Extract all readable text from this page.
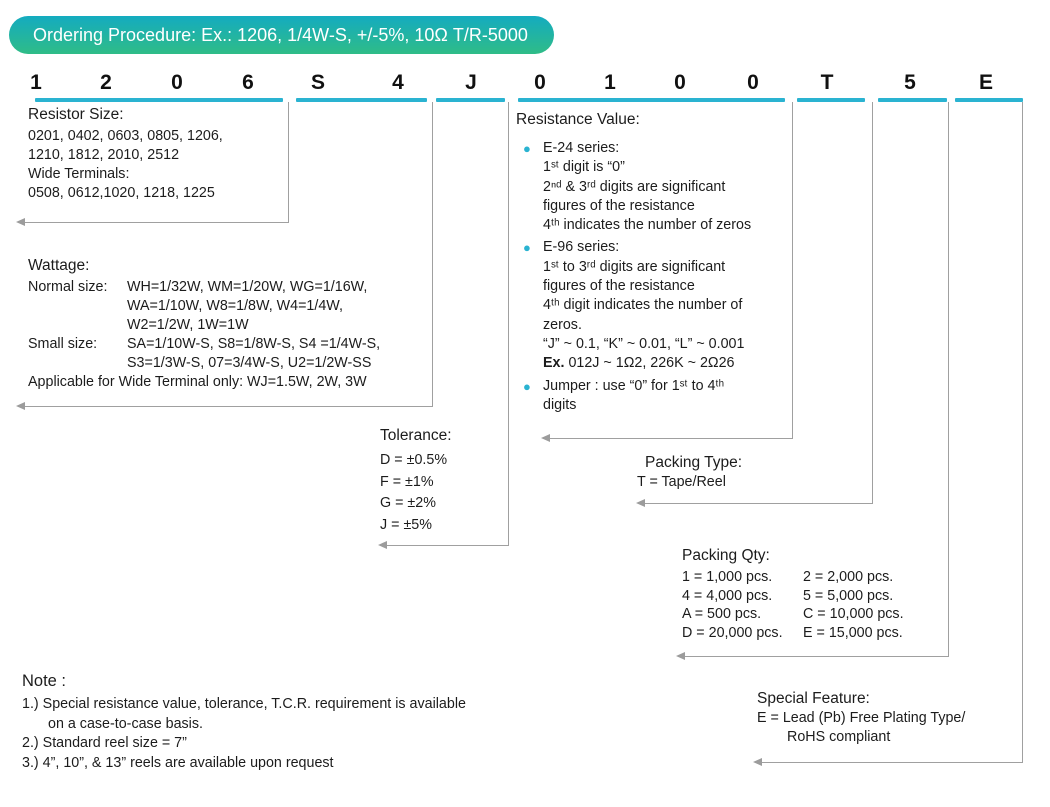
Ordering Procedure: Ex.: 1206, 1/4W-S, +/-5%, 10Ω T/R-5000
1	2	0	6	S	4	J	0	1	0	0	T	5	E
Resistor Size:
0201, 0402, 0603, 0805, 1206,
1210, 1812, 2010, 2512
Wide Terminals:
0508, 0612,1020, 1218, 1225
Wattage:
Normal size:	WH=1/32W, WM=1/20W, WG=1/16W,
WA=1/10W, W8=1/8W, W4=1/4W,
W2=1/2W, 1W=1W
Small size:	SA=1/10W-S, S8=1/8W-S, S4 =1/4W-S,
S3=1/3W-S, 07=3/4W-S, U2=1/2W-SS
Applicable for Wide Terminal only: WJ=1.5W, 2W, 3W
Tolerance:
D = ±0.5%
F = ±1%
G = ±2%
J = ±5%
Resistance Value:
● E-24 series:
1ˢᵗ digit is “0”
2ⁿᵈ & 3ʳᵈ digits are significant
figures of the resistance
4ᵗʰ indicates the number of zeros
● E-96 series:
1ˢᵗ to 3ʳᵈ digits are significant
figures of the resistance
4ᵗʰ digit indicates the number of
zeros.
“J” ~ 0.1, “K” ~ 0.01, “L” ~ 0.001
Ex. 012J ~ 1Ω2, 226K ~ 2Ω26
● Jumper : use “0” for 1ˢᵗ to 4ᵗʰ
digits
Packing Type:
T = Tape/Reel
Packing Qty:
1 = 1,000 pcs.	2 = 2,000 pcs.
4 = 4,000 pcs.	5 = 5,000 pcs.
A = 500 pcs.	C = 10,000 pcs.
D = 20,000 pcs.	E = 15,000 pcs.
Special Feature:
E = Lead (Pb) Free Plating Type/
RoHS compliant
Note :
1.) Special resistance value, tolerance, T.C.R. requirement is available
on a case-to-case basis.
2.) Standard reel size = 7”
3.) 4”, 10”, & 13” reels are available upon request
